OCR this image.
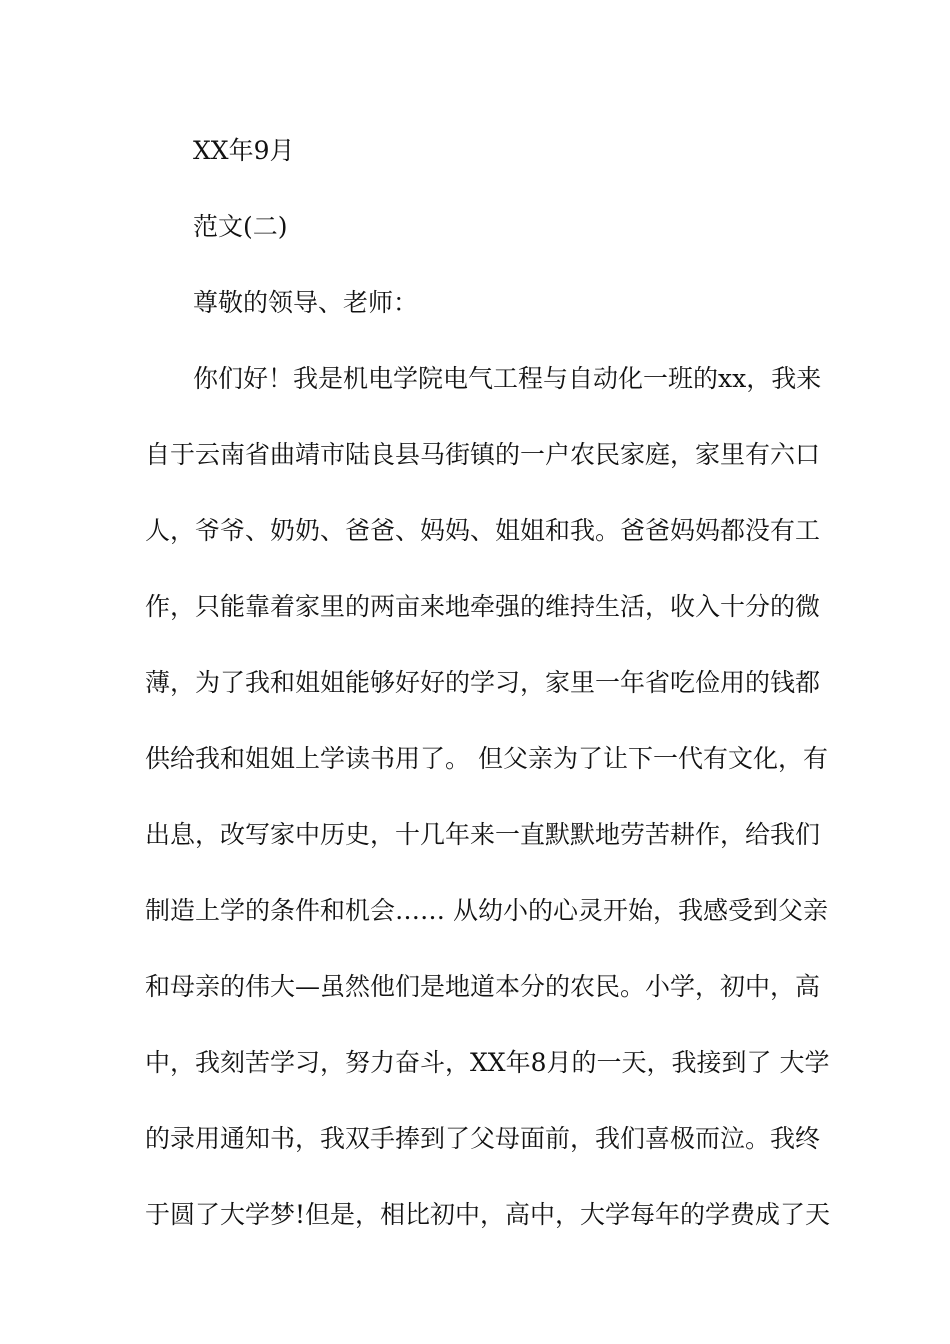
XX年9月
范文(二)
尊敬的领导、老师：
你们好！我是机电学院电气工程与自动化一班的xx，我来
自于云南省曲靖市陆良县马街镇的一户农民家庭，家里有六口
人，爷爷、奶奶、爸爸、妈妈、姐姐和我。爸爸妈妈都没有工
作，只能靠着家里的两亩来地牵强的维持生活，收入十分的微
薄，为了我和姐姐能够好好的学习，家里一年省吃俭用的钱都
供给我和姐姐上学读书用了。 但父亲为了让下一代有文化，有
出息，改写家中历史，十几年来一直默默地劳苦耕作，给我们
制造上学的条件和机会…… 从幼小的心灵开始，我感受到父亲
和母亲的伟大—虽然他们是地道本分的农民。小学，初中，高
中，我刻苦学习，努力奋斗，XX年8月的一天，我接到了 大学
的录用通知书，我双手捧到了父母面前，我们喜极而泣。我终
于圆了大学梦!但是，相比初中，高中，大学每年的学费成了天
